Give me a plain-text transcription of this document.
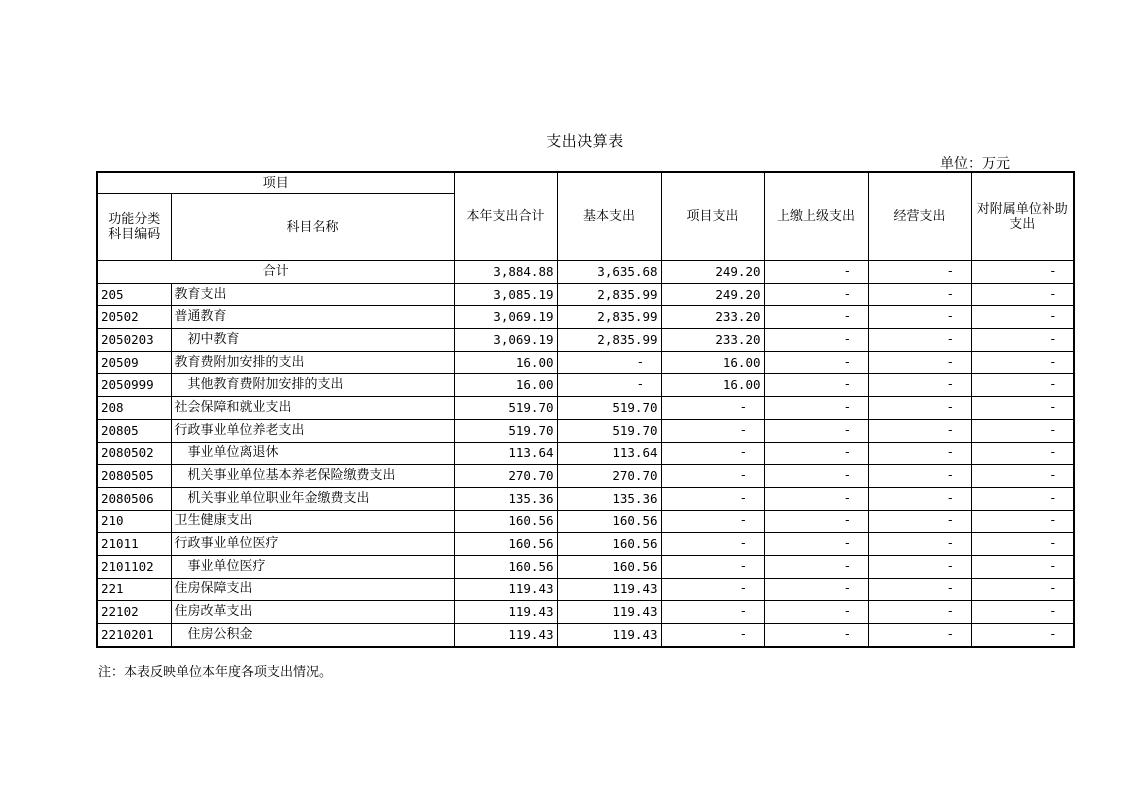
支出决算表
单位：万元
项目		本年支出合计	基本支出	项目支出	上缴上级支出	经营支出	对附属单位补助支出
功能分类
科目编码	科目名称						
合计		3,884.88	3,635.68	249.20	-	-	-
205	教育支出	3,085.19	2,835.99	249.20	-	-	-
20502	普通教育	3,069.19	2,835.99	233.20	-	-	-
2050203	初中教育	3,069.19	2,835.99	233.20	-	-	-
20509	教育费附加安排的支出	16.00	-	16.00	-	-	-
2050999	其他教育费附加安排的支出	16.00	-	16.00	-	-	-
208	社会保障和就业支出	519.70	519.70	-	-	-	-
20805	行政事业单位养老支出	519.70	519.70	-	-	-	-
2080502	事业单位离退休	113.64	113.64	-	-	-	-
2080505	机关事业单位基本养老保险缴费支出	270.70	270.70	-	-	-	-
2080506	机关事业单位职业年金缴费支出	135.36	135.36	-	-	-	-
210	卫生健康支出	160.56	160.56	-	-	-	-
21011	行政事业单位医疗	160.56	160.56	-	-	-	-
2101102	事业单位医疗	160.56	160.56	-	-	-	-
221	住房保障支出	119.43	119.43	-	-	-	-
22102	住房改革支出	119.43	119.43	-	-	-	-
2210201	住房公积金	119.43	119.43	-	-	-	-
注：本表反映单位本年度各项支出情况。
